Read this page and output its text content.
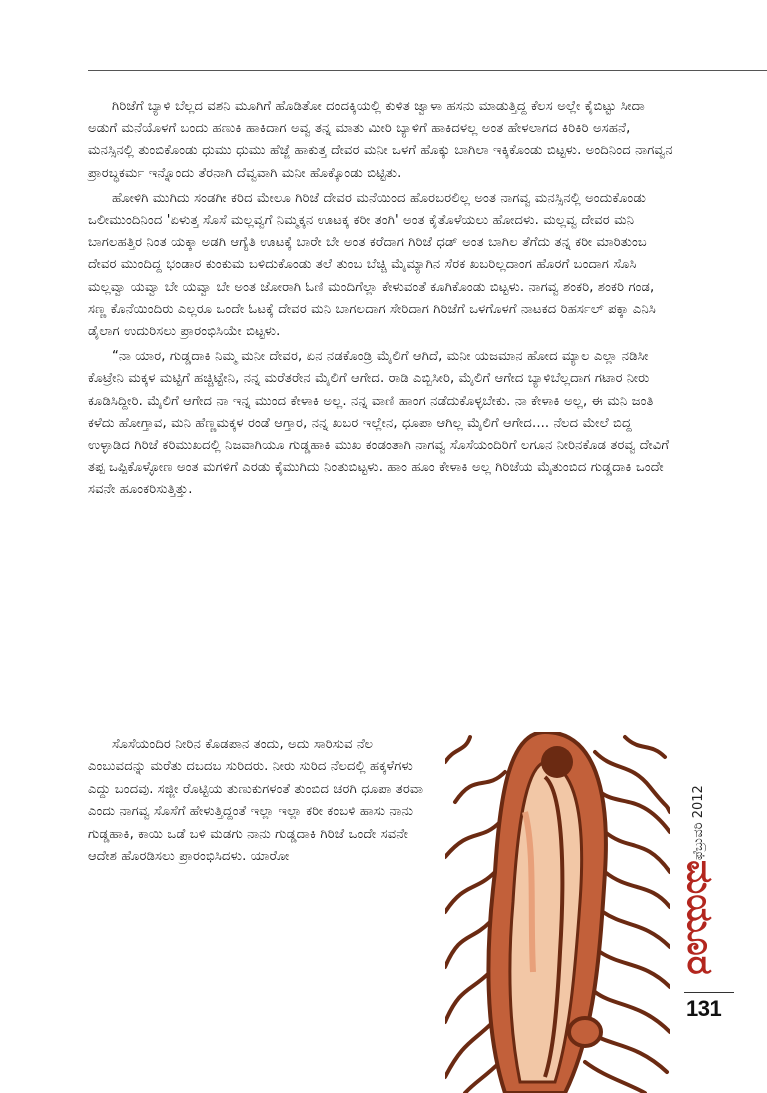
ಗಿರಿಜೆಗೆ ಬ್ಯಾಳಿ ಬೆಲ್ಲದ ವಶನಿ ಮೂಗಿಗೆ ಹೊಡಿತೋ ದಂದಕ್ಕಿಯಲ್ಲಿ ಕುಳಿತ ಜ್ವಾಳಾ ಹಸನು ಮಾಡುತ್ತಿದ್ದ ಕೆಲಸ ಅಲ್ಲೇ ಕೈಬಿಟ್ಟು ಸೀದಾ ಅಡುಗೆ ಮನೆಯೊಳಗೆ ಬಂದು ಹಣುಕಿ ಹಾಕಿದಾಗ ಅವ್ವ ತನ್ನ ಮಾತು ಮೀರಿ ಬ್ಯಾಳಿಗೆ ಹಾಕಿದಳಲ್ಲ ಅಂತ ಹೇಳಲಾಗದ ಕಿರಿಕಿರಿ ಅಸಹನೆ, ಮನಸ್ಸಿನಲ್ಲಿ ತುಂಬಿಕೊಂಡು ಧುಮು ಧುಮು ಹೆಜ್ಜೆ ಹಾಕುತ್ತ ದೇವರ ಮನೀ ಒಳಗೆ ಹೊಕ್ಕು ಬಾಗಿಲಾ ಇಕ್ಕಿಕೊಂಡು ಬಿಟ್ಟಳು. ಅಂದಿನಿಂದ ನಾಗವ್ವನ ಪ್ರಾರಬ್ಧಕರ್ಮ ಇನ್ನೊಂದು ತೆರನಾಗಿ ದೆವ್ವವಾಗಿ ಮನೀ ಹೊಕ್ಕೊಂಡು ಬಿಟ್ಟಿತು.

ಹೋಳಿಗಿ ಮುಗಿದು ಸಂಡಗೀ ಕರಿದ ಮೇಲೂ ಗಿರಿಜೆ ದೇವರ ಮನೆಯಿಂದ ಹೊರಬರಲಿಲ್ಲ ಅಂತ ನಾಗವ್ವ ಮನಸ್ಸಿನಲ್ಲಿ ಅಂದುಕೊಂಡು ಒಲೀಮುಂದಿನಿಂದ 'ಏಳುತ್ತ ಸೊಸೆ ಮಲ್ಲವ್ವಗೆ ನಿಮ್ಮಕ್ಕನ ಊಟಕ್ಕ ಕರೀ ತಂಗಿ' ಅಂತ ಕೈತೊಳೆಯಲು ಹೋದಳು. ಮಲ್ಲವ್ವ ದೇವರ ಮನಿ ಬಾಗಲಹತ್ತಿರ ನಿಂತ ಯಕ್ಕಾ ಅಡಗಿ ಆಗ್ಯೆತಿ ಊಟಕ್ಕೆ ಬಾರೇ ಬೇ ಅಂತ ಕರೆದಾಗ ಗಿರಿಜೆ ಧಡ್ ಅಂತ ಬಾಗಿಲ ತೆಗೆದು ತನ್ನ ಕರೀ ಮಾರಿತುಂಬ ದೇವರ ಮುಂದಿದ್ದ ಭಂಡಾರ ಕುಂಕುಮ ಬಳಿದುಕೊಂಡು ತಲೆ ತುಂಬ ಬೆಚ್ಚಿ ಮೈಮ್ಯಾಗಿನ ಸೆರಕ ಖಬರಿಲ್ಲದಾಂಗ ಹೊರಗೆ ಬಂದಾಗ ಸೊಸಿ ಮಲ್ಲವ್ವಾ ಯವ್ವಾ ಬೇ ಯವ್ವಾ ಬೇ ಅಂತ ಜೋರಾಗಿ ಓಣಿ ಮಂದಿಗೆಲ್ಲಾ ಕೇಳುವಂತೆ ಕೂಗಿಕೊಂಡು ಬಿಟ್ಟಳು. ನಾಗವ್ವ ಶಂಕರಿ, ಶಂಕರಿ ಗಂಡ, ಸಣ್ಣ ಕೊನೆಯಿಂದಿರು ಎಲ್ಲರೂ ಒಂದೇ ಓಟಕ್ಕೆ ದೇವರ ಮನಿ ಬಾಗಲದಾಗ ಸೇರಿದಾಗ ಗಿರಿಜೆಗೆ ಒಳಗೊಳಗೆ ನಾಟಕದ ರಿಹರ್ಸಲ್ ಪಕ್ಕಾ ಎನಿಸಿ ಡೈಲಾಗ ಉದುರಿಸಲು ಪ್ರಾರಂಭಿಸಿಯೇ ಬಿಟ್ಟಳು.

“ನಾ ಯಾರ, ಗುಡ್ಡದಾಕಿ ನಿಮ್ಮ ಮನೀ ದೇವರ, ಏನ ನಡಕೊಂಡ್ರಿ ಮೈಲಿಗೆ ಆಗಿದೆ, ಮನೀ ಯಜಮಾನ ಹೋದ ಮ್ಯಾಲ ಎಲ್ಲಾ ನಡಿಸೀ ಕೊಟ್ರೇನಿ ಮಕ್ಕಳ ಮಟ್ಟಿಗೆ ಹಚ್ಚಿಟ್ಟೇನಿ, ನನ್ನ ಮರೆತರೇನ ಮೈಲಿಗೆ ಆಗೇದ. ರಾಡಿ ಎಬ್ಬಿಸೀರಿ, ಮೈಲಿಗೆ ಆಗೇದ ಬ್ಯಾಳಿಬೆಲ್ಲದಾಗ ಗಟಾರ ನೀರು ಕೂಡಿಸಿದ್ದೀರಿ. ಮೈಲಿಗೆ ಆಗೇದ ನಾ ಇನ್ನ ಮುಂದ ಕೇಳಾಕಿ ಅಲ್ಲ. ನನ್ನ ವಾಣಿ ಹಾಂಗ ನಡೆದುಕೊಳ್ಳಬೇಕು. ನಾ ಕೇಳಾಕಿ ಅಲ್ಲ, ಈ ಮನಿ ಜಂತಿ ಕಳೆದು ಹೋಗ್ತಾವ, ಮನಿ ಹೆಣ್ಣಮಕ್ಕಳ ರಂಡೆ ಆಗ್ತಾರ, ನನ್ನ ಖಬರ ಇಲ್ಲೇನ, ಧೂಪಾ ಆಗಿಲ್ಲ ಮೈಲಿಗೆ ಆಗೇದ.... ನೆಲದ ಮೇಲೆ ಬಿದ್ದ ಉಳ್ಳಾಡಿದ ಗಿರಿಜೆ ಕರಿಮುಖದಲ್ಲಿ ನಿಜವಾಗಿಯೂ ಗುಡ್ಡಹಾಕಿ ಮುಖ ಕಂಡಂತಾಗಿ ನಾಗವ್ವ ಸೊಸೆಯಂದಿರಿಗೆ ಲಗೂನ ನೀರಿನಕೊಡ ತರವ್ವ ದೇವಿಗೆ ತಪ್ಪ ಒಪ್ಪಿಕೊಳ್ಳೋಣ ಅಂತ ಮಗಳಿಗೆ ಎರಡು ಕೈಮುಗಿದು ನಿಂತುಬಿಟ್ಟಳು. ಹಾಂ ಹೂಂ ಕೇಳಾಕಿ ಅಲ್ಲ ಗಿರಿಜೆಯ ಮೈತುಂಬಿದ ಗುಡ್ಡದಾಕಿ ಒಂದೇ ಸವನೇ ಹೂಂಕರಿಸುತ್ತಿತ್ತು.

ಸೊಸೆಯಂದಿರ ನೀರಿನ ಕೊಡಪಾನ ತಂದು, ಅದು ಸಾರಿಸುವ ನೆಲ ಎಂಬುವದನ್ನು ಮರೆತು ದಬದಬ ಸುರಿದರು. ನೀರು ಸುರಿದ ನೆಲದಲ್ಲಿ ಹಕ್ಕಳೆಗಳು ಎದ್ದು ಬಂದವು. ಸಜ್ಜೀ ರೊಟ್ಟಿಯ ತುಣುಕುಗಳಂತೆ ತುಂಬಿದ ಚರಗಿ ಧೂಪಾ ತರವಾ ಎಂದು ನಾಗವ್ವ ಸೊಸೆಗೆ ಹೇಳುತ್ತಿದ್ದಂತೆ ಇಲ್ಲಾ ಇಲ್ಲಾ ಕರೀ ಕಂಬಳಿ ಹಾಸು ನಾನು ಗುಡ್ಡಹಾಕಿ, ಕಾಯಿ ಒಡೆ ಬಳಿ ಮಡಗು ನಾನು ಗುಡ್ಡದಾಕಿ ಗಿರಿಜೆ ಒಂದೇ ಸವನೇ ಆದೇಶ ಹೊರಡಿಸಲು ಪ್ರಾರಂಭಿಸಿದಳು. ಯಾರೋ	ಫೆಬ್ರುವರಿ 2012
ಮಯೂರ
131
